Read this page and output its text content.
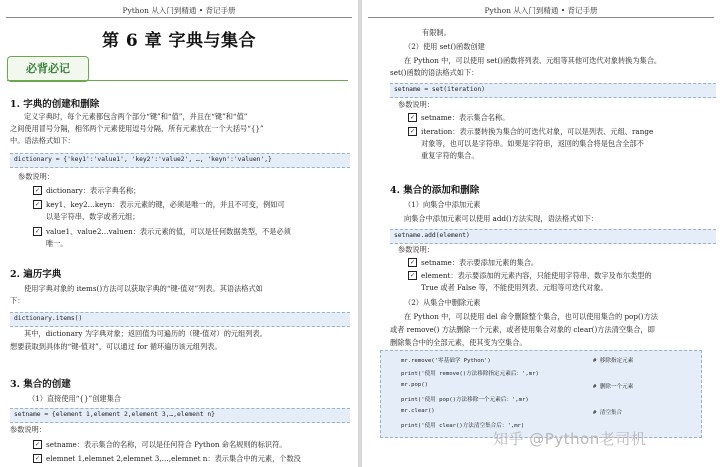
Python 从入门到精通 • 背记手册
第 6 章 字典与集合
必背必记
1. 字典的创建和删除
定义字典时，每个元素都包含两个部分“键”和“值”，并且在“键”和“值”
之间使用冒号分隔，相邻两个元素使用逗号分隔，所有元素放在一个大括号“{}”
中。语法格式如下：
dictionary = {'key1':'value1', 'key2':'value2', …, 'keyn':'valuen',}
参数说明：
✓ dictionary：表示字典名称；
✓ key1、key2…keyn：表示元素的键，必须是唯一的，并且不可变，例如可
以是字符串、数字或者元组；
✓ value1、value2…valuen：表示元素的值，可以是任何数据类型，不是必须
唯一。
2. 遍历字典
使用字典对象的 items()方法可以获取字典的“键-值对”列表。其语法格式如
下：
dictionary.items()
其中，dictionary 为字典对象；返回值为可遍历的（键-值对）的元组列表。
想要获取到具体的“键-值对”，可以通过 for 循环遍历该元组列表。
3. 集合的创建
（1）直接使用“{}”创建集合
setname = {element 1,element 2,element 3,…,element n}
参数说明：
✓ setname：表示集合的名称，可以是任何符合 Python 命名规则的标识符。
✓ elemnet 1,elemnet 2,elemnet 3,…,elemnet n：表示集合中的元素，个数没
Python 从入门到精通 • 背记手册
有限制。
（2）使用 set()函数创建
在 Python 中，可以使用 set()函数将列表、元组等其他可迭代对象转换为集合。
set()函数的语法格式如下：
setname = set(iteration)
参数说明：
✓ setname：表示集合名称。
✓ iteration：表示要转换为集合的可迭代对象，可以是列表、元组、range
对象等，也可以是字符串。如果是字符串，返回的集合将是包含全部不
重复字符的集合。
4. 集合的添加和删除
（1）向集合中添加元素
向集合中添加元素可以使用 add()方法实现，语法格式如下：
setname.add(element)
参数说明：
✓ setname：表示要添加元素的集合。
✓ element：表示要添加的元素内容，只能使用字符串、数字及布尔类型的
True 或者 False 等，不能使用列表、元组等可迭代对象。
（2）从集合中删除元素
在 Python 中，可以使用 del 命令删除整个集合，也可以使用集合的 pop()方法
或者 remove() 方法删除一个元素，或者使用集合对象的 clear()方法清空集合，即
删除集合中的全部元素，使其变为空集合。
mr.remove('零基础学 Python')	# 移除指定元素
print('使用 remove()方法移除指定元素后：',mr)
mr.pop()	# 删除一个元素
print('使用 pop()方法移除一个元素后：',mr)
mr.clear()	# 清空集合
print('使用 clear()方法清空集合后：',mr)
知乎 @Python老司机
